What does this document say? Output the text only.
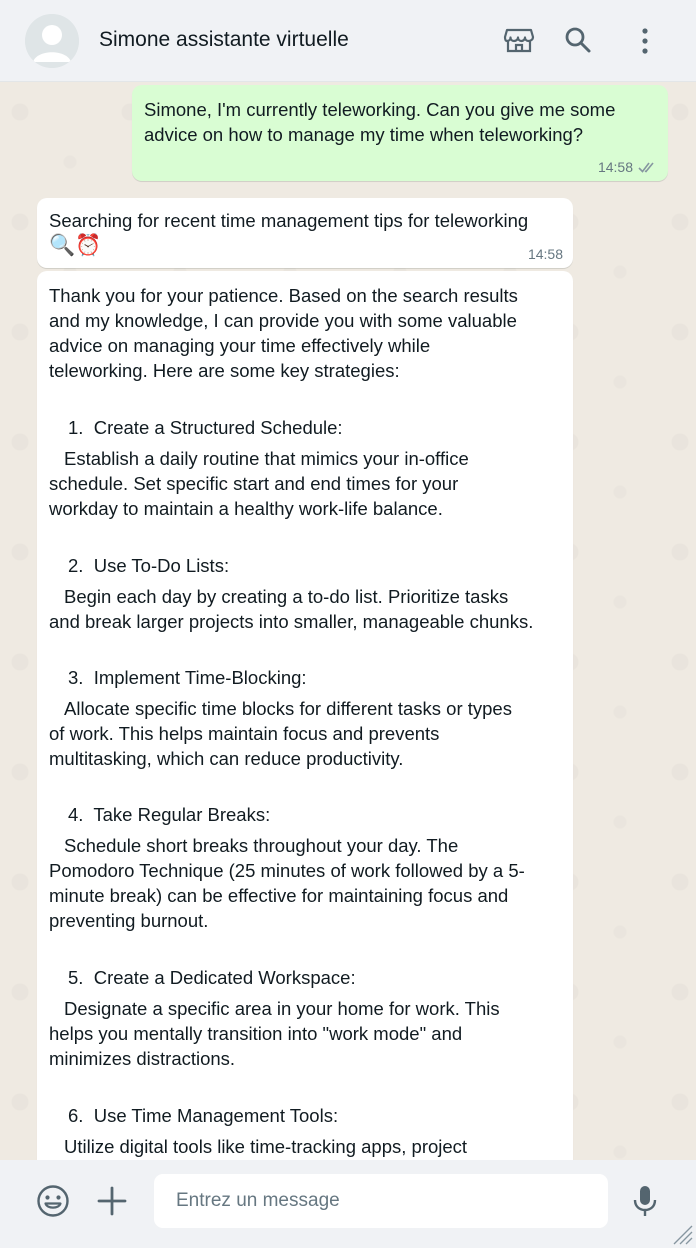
Simone assistante virtuelle
Simone, I'm currently teleworking. Can you give me some
advice on how to manage my time when teleworking?
14:58
Searching for recent time management tips for teleworking
🔍⏰	14:58
Thank you for your patience. Based on the search results
and my knowledge, I can provide you with some valuable
advice on managing your time effectively while
teleworking. Here are some key strategies:
1.  Create a Structured Schedule:
Establish a daily routine that mimics your in-office
schedule. Set specific start and end times for your
workday to maintain a healthy work-life balance.
2.  Use To-Do Lists:
Begin each day by creating a to-do list. Prioritize tasks
and break larger projects into smaller, manageable chunks.
3.  Implement Time-Blocking:
Allocate specific time blocks for different tasks or types
of work. This helps maintain focus and prevents
multitasking, which can reduce productivity.
4.  Take Regular Breaks:
Schedule short breaks throughout your day. The
Pomodoro Technique (25 minutes of work followed by a 5-
minute break) can be effective for maintaining focus and
preventing burnout.
5.  Create a Dedicated Workspace:
Designate a specific area in your home for work. This
helps you mentally transition into "work mode" and
minimizes distractions.
6.  Use Time Management Tools:
Utilize digital tools like time-tracking apps, project
Entrez un message
